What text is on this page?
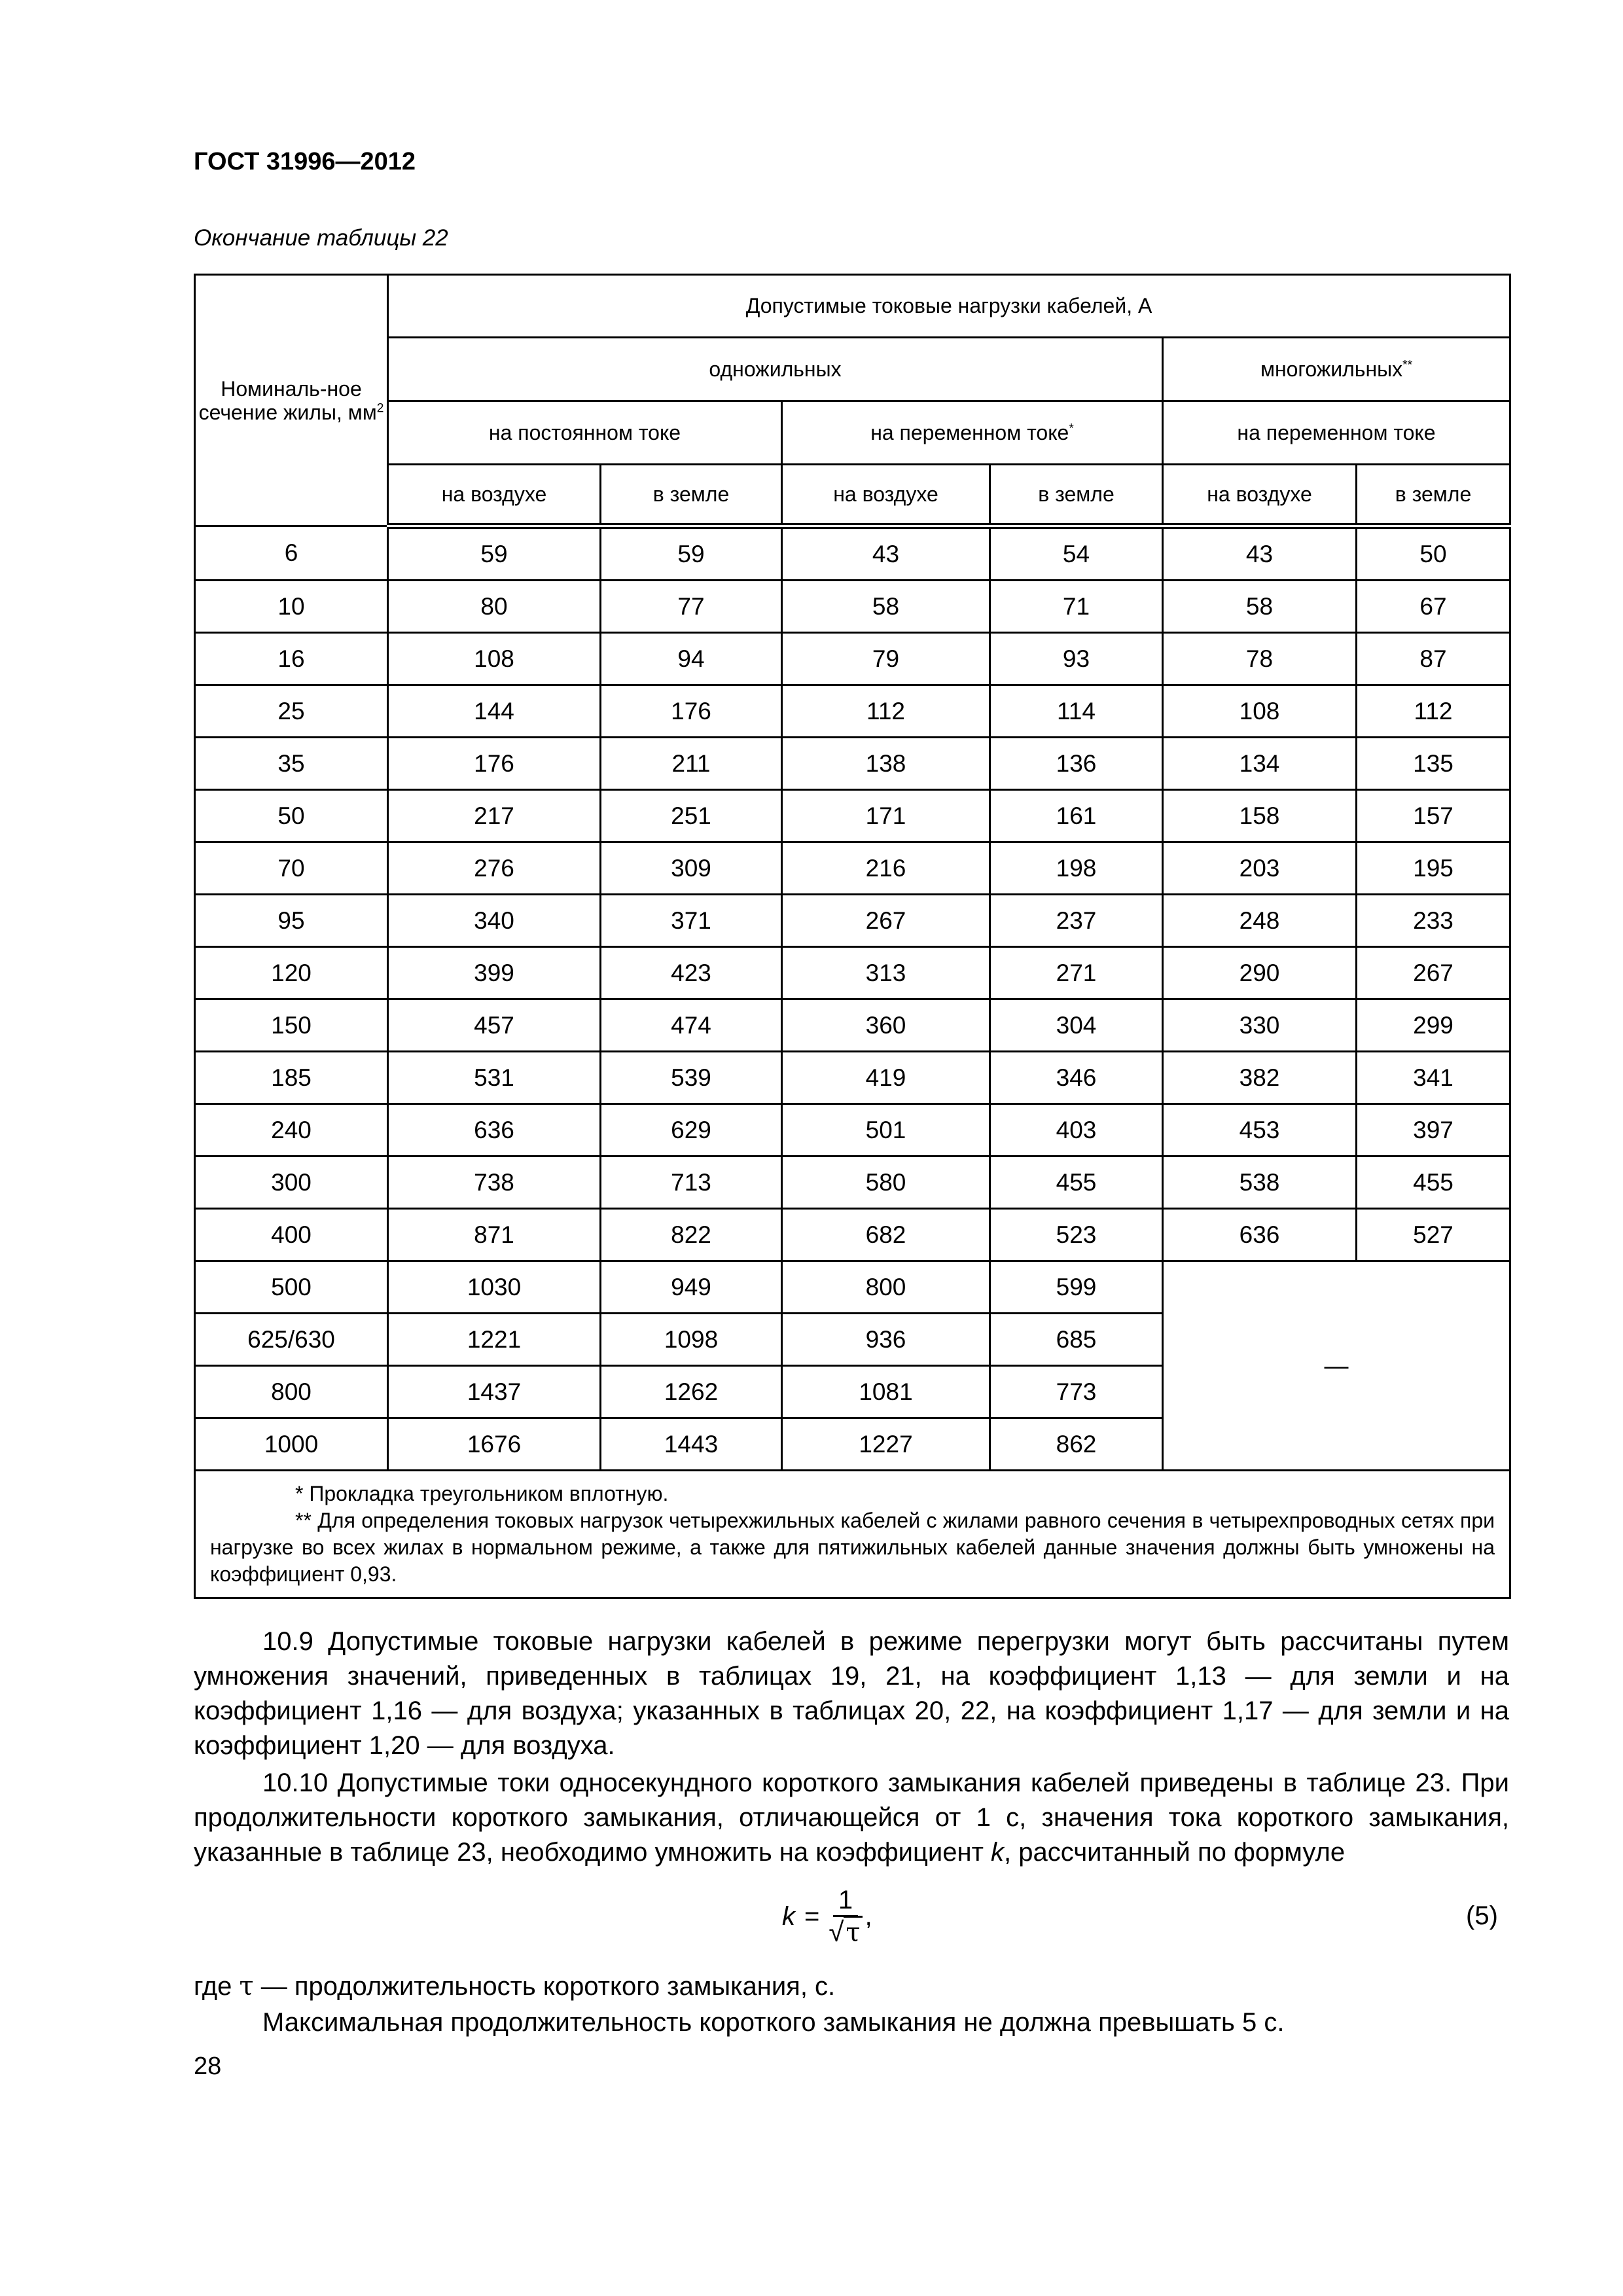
ГОСТ 31996—2012
Окончание таблицы 22
Номиналь-ное сечение жилы, $мм^2$	Допустимые токовые нагрузки кабелей, А					
	одножильных				многожильных**
	на постоянном токе		на переменном токе*		на переменном токе	
	на воздухе	в земле	на воздухе	в земле	на воздухе	в земле
6	59	59	43	54	43	50
10	80	77	58	71	58	67
16	108	94	79	93	78	87
25	144	176	112	114	108	112
35	176	211	138	136	134	135
50	217	251	171	161	158	157
70	276	309	216	198	203	195
95	340	371	267	237	248	233
120	399	423	313	271	290	267
150	457	474	360	304	330	299
185	531	539	419	346	382	341
240	636	629	501	403	453	397
300	738	713	580	455	538	455
400	871	822	682	523	636	527
500	1030	949	800	599	—	
625/630	1221	1098	936	685		
800	1437	1262	1081	773		
1000	1676	1443	1227	862		

* Прокладка треугольником вплотную.
** Для определения токовых нагрузок четырехжильных кабелей с жилами равного сечения в четырехпроводных сетях при нагрузке во всех жилах в нормальном режиме, а также для пятижильных кабелей данные значения должны быть умножены на коэффициент 0,93.						
10.9 Допустимые токовые нагрузки кабелей в режиме перегрузки могут быть рассчитаны путем умножения значений, приведенных в таблицах 19, 21, на коэффициент 1,13 — для земли и на коэффициент 1,16 — для воздуха; указанных в таблицах 20, 22, на коэффициент 1,17 — для земли и на коэффициент 1,20 — для воздуха.
10.10 Допустимые токи односекундного короткого замыкания кабелей приведены в таблице 23. При продолжительности короткого замыкания, отличающейся от 1 с, значения тока короткого замыкания, указанные в таблице 23, необходимо умножить на коэффициент k, рассчитанный по формуле
$k = \frac{1}{√\tau}$ ,	(5)
где τ — продолжительность короткого замыкания, с.
Максимальная продолжительность короткого замыкания не должна превышать 5 с.
28
